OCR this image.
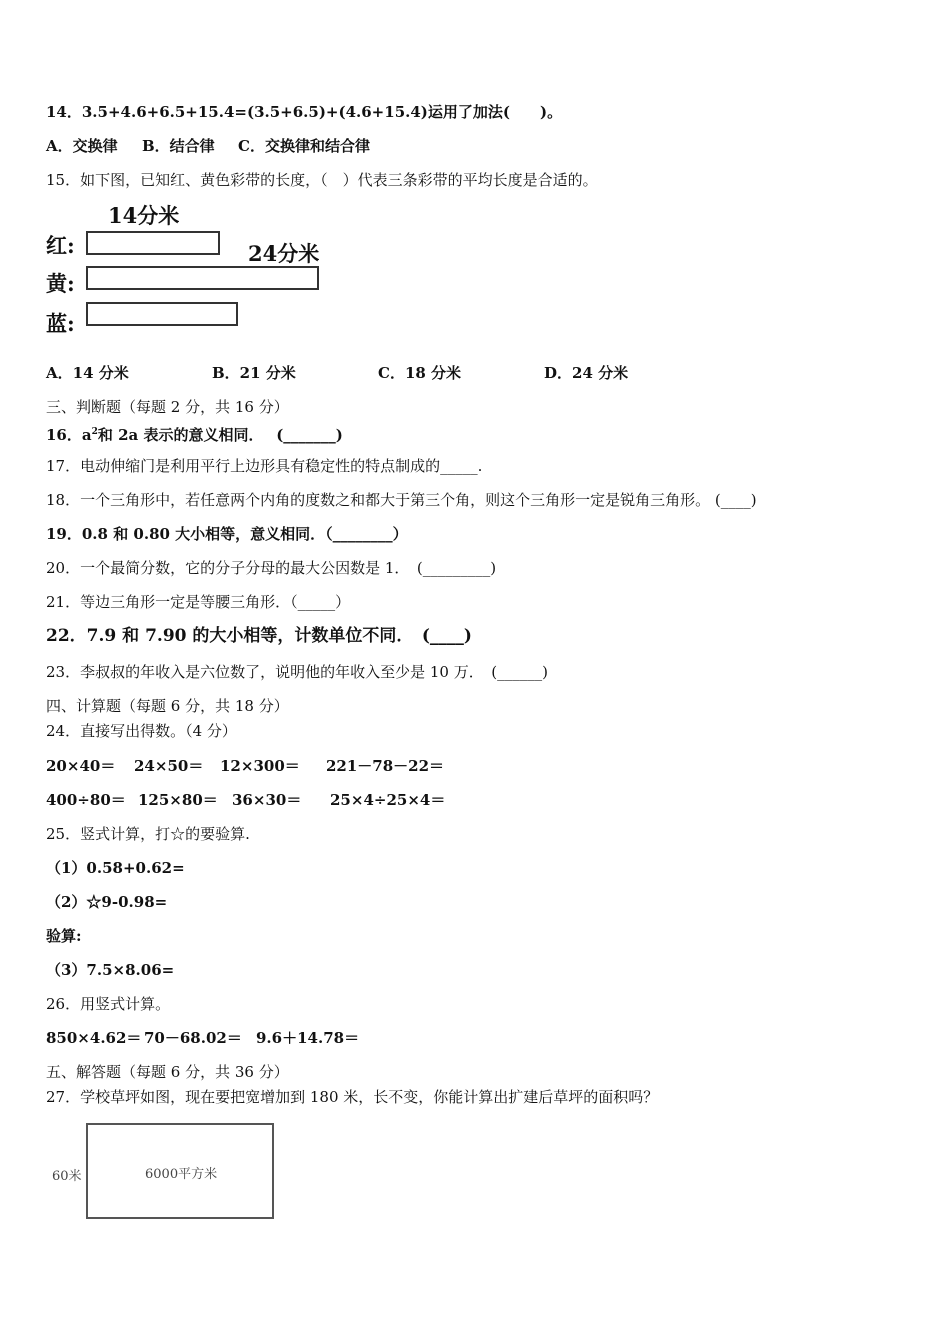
14．3.5+4.6+6.5+15.4=(3.5+6.5)+(4.6+15.4)运用了加法(　　)。
A．交换律 B．结合律 C．交换律和结合律
15．如下图，已知红、黄色彩带的长度，（　）代表三条彩带的平均长度是合适的。
14分米
红:	24分米
黄:
蓝:
A．14 分米	B．21 分米	C．18 分米	D．24 分米
三、判断题（每题 2 分，共 16 分）
16．$a^2$和 2a 表示的意义相同．　 (_______)
17．电动伸缩门是利用平行上边形具有稳定性的特点制成的_____.
18．一个三角形中，若任意两个内角的度数之和都大于第三个角，则这个三角形一定是锐角三角形。 (____)
19．0.8 和 0.80 大小相等，意义相同．（________）
20．一个最简分数，它的分子分母的最大公因数是 1．　(_________)
21．等边三角形一定是等腰三角形．（_____）
22．7.9 和 7.90 的大小相等，计数单位不同．　(____)
23．李叔叔的年收入是六位数了，说明他的年收入至少是 10 万．　(______)
四、计算题（每题 6 分，共 18 分）
24．直接写出得数。（4 分）
20×40＝ 24×50＝ 12×300＝ 221－78－22＝
400÷80＝ 125×80＝ 36×30＝ 25×4÷25×4＝
25．竖式计算，打☆的要验算.
（1）0.58+0.62=
（2）☆9-0.98=
验算:
（3）7.5×8.06=
26．用竖式计算。
850×4.62＝ 70－68.02＝ 9.6＋14.78＝
五、解答题（每题 6 分，共 36 分）
27．学校草坪如图，现在要把宽增加到 180 米，长不变，你能计算出扩建后草坪的面积吗？
60米	6000平方米
